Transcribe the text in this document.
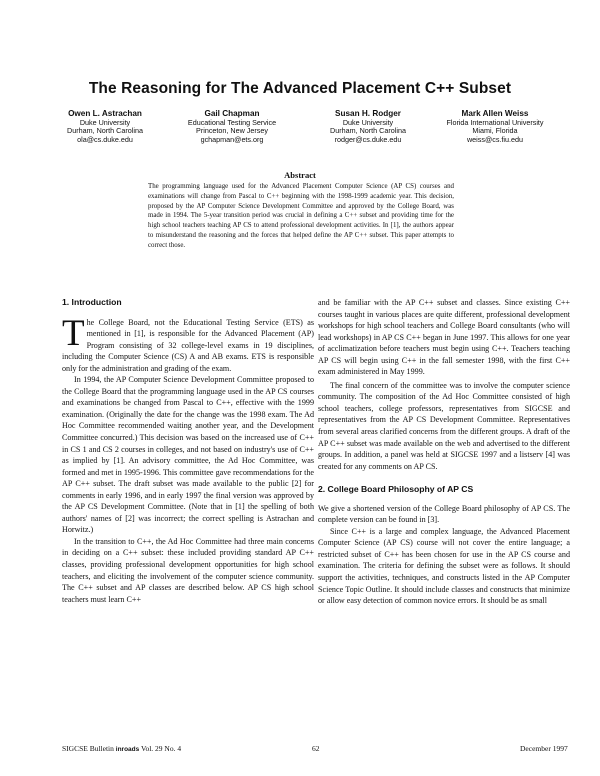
The Reasoning for The Advanced Placement C++ Subset
Owen L. Astrachan
Duke University
Durham, North Carolina
ola@cs.duke.edu
Gail Chapman
Educational Testing Service
Princeton, New Jersey
gchapman@ets.org
Susan H. Rodger
Duke University
Durham, North Carolina
rodger@cs.duke.edu
Mark Allen Weiss
Florida International University
Miami, Florida
weiss@cs.fiu.edu
Abstract
The programming language used for the Advanced Placement Computer Science (AP CS) courses and examinations will change from Pascal to C++ beginning with the 1998-1999 academic year. This decision, proposed by the AP Computer Science Development Committee and approved by the College Board, was made in 1994. The 5-year transition period was crucial in defining a C++ subset and providing time for the high school teachers teaching AP CS to attend professional development activities. In [1], the authors appear to misunderstand the reasoning and the forces that helped define the AP C++ subset. This paper attempts to correct those.
1. Introduction

The College Board, not the Educational Testing Service (ETS) as mentioned in [1], is responsible for the Advanced Placement (AP) Program consisting of 32 college-level exams in 19 disciplines, including the Computer Science (CS) A and AB exams. ETS is responsible only for the administration and grading of the exam.

In 1994, the AP Computer Science Development Committee proposed to the College Board that the programming language used in the AP CS courses and examinations be changed from Pascal to C++, effective with the 1999 examination. (Originally the date for the change was the 1998 exam. The Ad Hoc Committee recommended waiting another year, and the Development Committee concurred.) This decision was based on the increased use of C++ in CS 1 and CS 2 courses in colleges, and not based on industry's use of C++ as implied by [1]. An advisory committee, the Ad Hoc Committee, was formed and met in 1995-1996. This committee gave recommendations for the AP C++ subset. The draft subset was made available to the public [2] for comments in early 1996, and in early 1997 the final version was approved by the AP CS Development Committee. (Note that in [1] the spelling of both authors' names of [2] was incorrect; the correct spelling is Astrachan and Horwitz.)

In the transition to C++, the Ad Hoc Committee had three main concerns in deciding on a C++ subset: these included providing standard AP C++ classes, providing professional development opportunities for high school teachers, and eliciting the involvement of the computer science community. The C++ subset and AP classes are described below. AP CS high school teachers must learn C++

and be familiar with the AP C++ subset and classes. Since existing C++ courses taught in various places are quite different, professional development workshops for high school teachers and College Board consultants (who will lead workshops) in AP CS C++ began in June 1997. This allows for one year of acclimatization before teachers must begin using C++. Teachers teaching AP CS will begin using C++ in the fall semester 1998, with the first C++ exam administered in May 1999.

The final concern of the committee was to involve the computer science community. The composition of the Ad Hoc Committee consisted of high school teachers, college professors, representatives from SIGCSE and representatives from the AP CS Development Committee. Representatives from several areas clarified concerns from the different groups. A draft of the AP C++ subset was made available on the web and advertised to the different groups. In addition, a panel was held at SIGCSE 1997 and a listserv [4] was created for any comments on AP CS.

2. College Board Philosophy of AP CS

We give a shortened version of the College Board philosophy of AP CS. The complete version can be found in [3].

Since C++ is a large and complex language, the Advanced Placement Computer Science (AP CS) course will not cover the entire language; a restricted subset of C++ has been chosen for use in the AP CS course and examination. The criteria for defining the subset were as follows. It should support the activities, techniques, and constructs listed in the AP Computer Science Topic Outline. It should include classes and constructs that minimize or allow easy detection of common novice errors. It should be as small

SIGCSE Bulletin inroads Vol. 29 No. 4	62	December 1997
